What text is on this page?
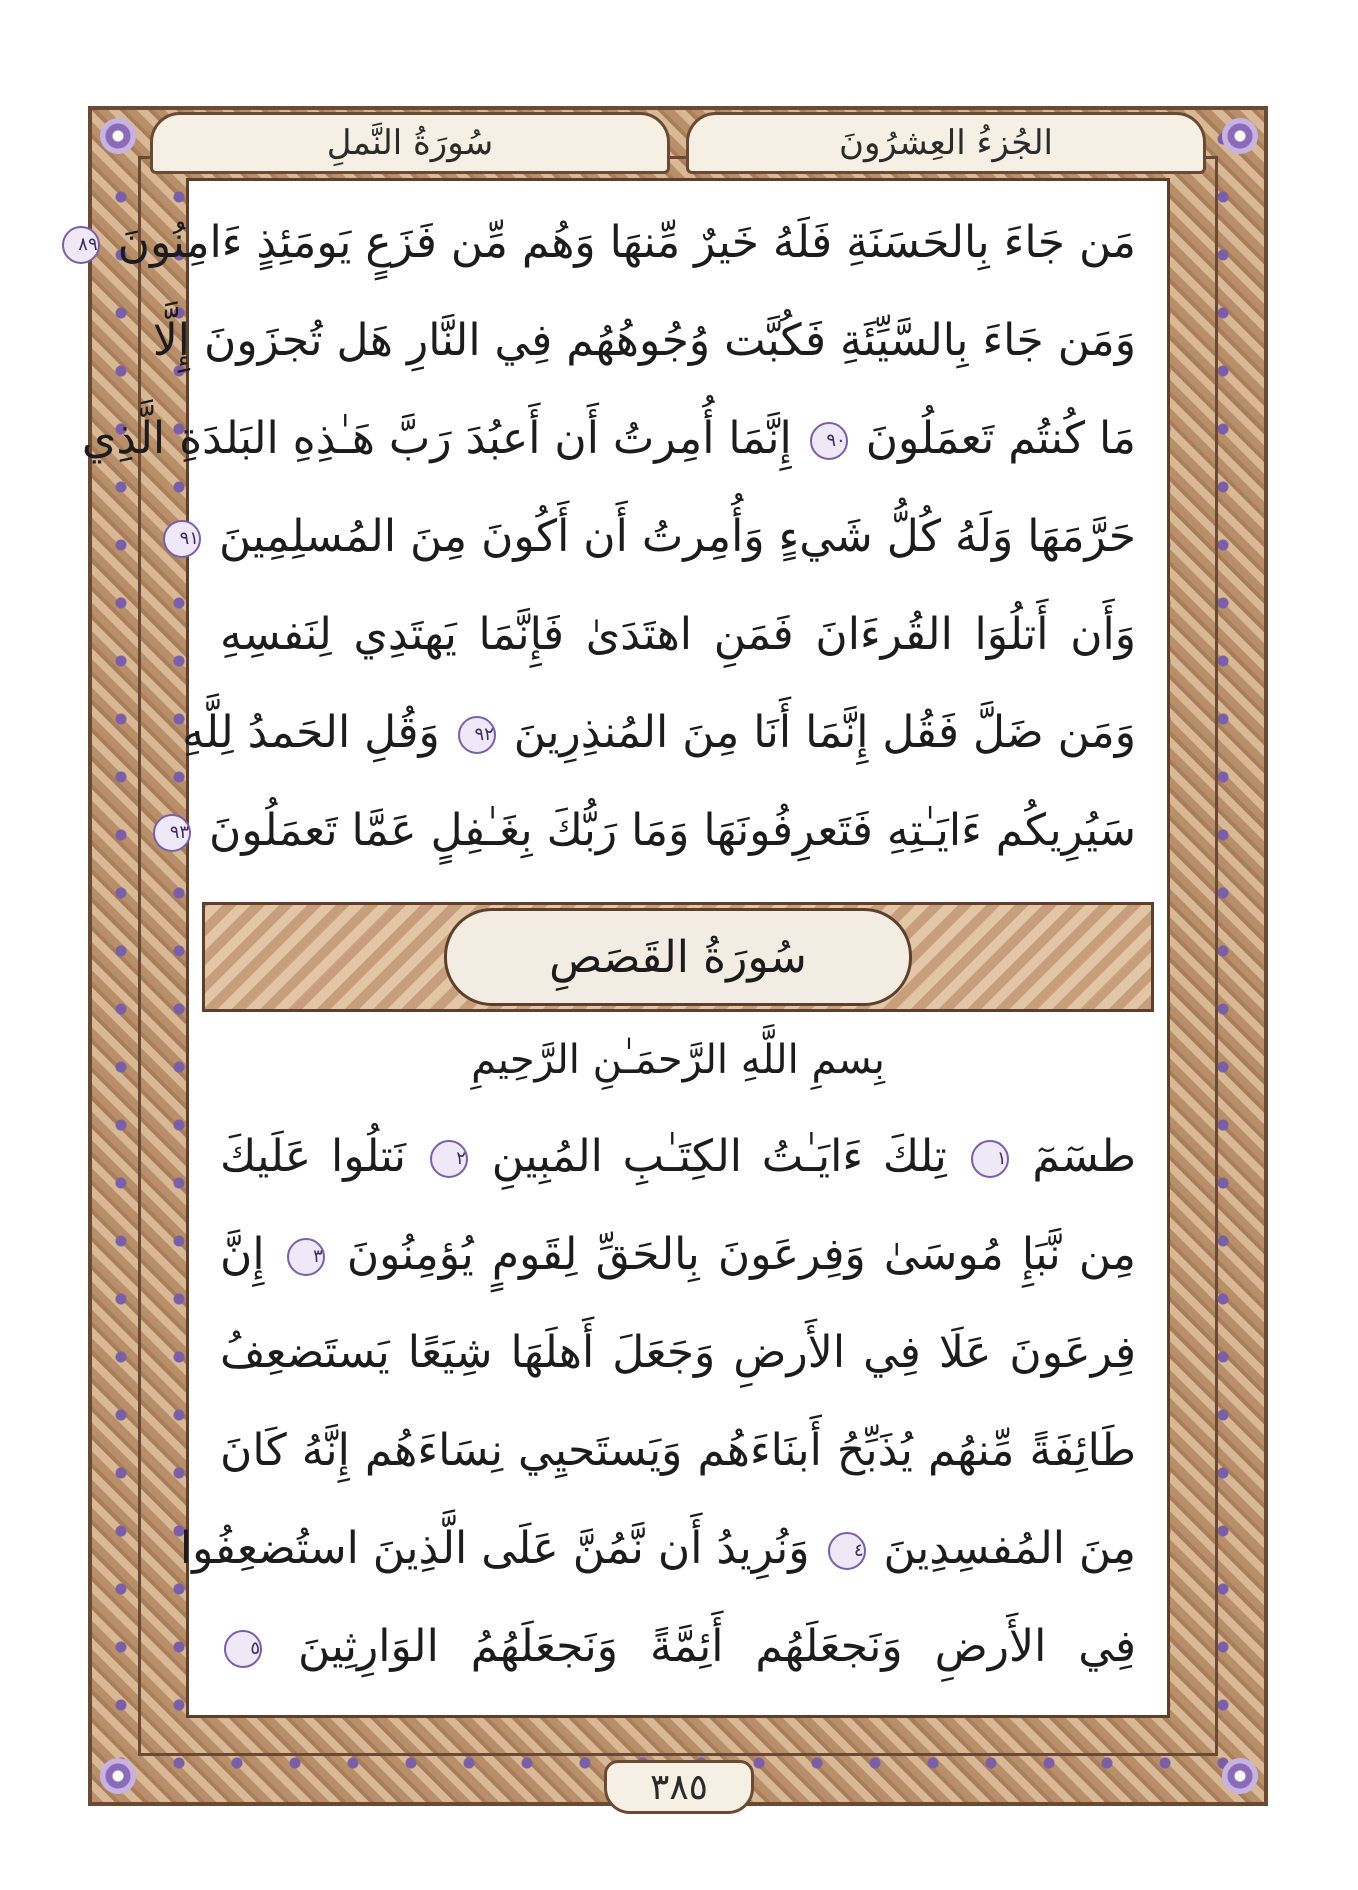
الجُزءُ العِشرُونَ
سُورَةُ النَّملِ
مَن جَاءَ بِالحَسَنَةِ فَلَهُ خَيرٌ مِّنهَا وَهُم مِّن فَزَعٍ يَومَئِذٍ ءَامِنُونَ ٨٩
وَمَن جَاءَ بِالسَّيِّئَةِ فَكُبَّت وُجُوهُهُم فِي النَّارِ هَل تُجزَونَ إِلَّا
مَا كُنتُم تَعمَلُونَ ٩٠ إِنَّمَا أُمِرتُ أَن أَعبُدَ رَبَّ هَـٰذِهِ البَلدَةِ الَّذِي
حَرَّمَهَا وَلَهُ كُلُّ شَيءٍ وَأُمِرتُ أَن أَكُونَ مِنَ المُسلِمِينَ ٩١
وَأَن أَتلُوَا القُرءَانَ فَمَنِ اهتَدَىٰ فَإِنَّمَا يَهتَدِي لِنَفسِهِ
وَمَن ضَلَّ فَقُل إِنَّمَا أَنَا مِنَ المُنذِرِينَ ٩٢ وَقُلِ الحَمدُ لِلَّهِ
سَيُرِيكُم ءَايَـٰتِهِ فَتَعرِفُونَهَا وَمَا رَبُّكَ بِغَـٰفِلٍ عَمَّا تَعمَلُونَ ٩٣
سُورَةُ القَصَصِ
بِسمِ اللَّهِ الرَّحمَـٰنِ الرَّحِيمِ
طسٓمٓ ١ تِلكَ ءَايَـٰتُ الكِتَـٰبِ المُبِينِ ٢ نَتلُوا عَلَيكَ
مِن نَّبَإِ مُوسَىٰ وَفِرعَونَ بِالحَقِّ لِقَومٍ يُؤمِنُونَ ٣ إِنَّ
فِرعَونَ عَلَا فِي الأَرضِ وَجَعَلَ أَهلَهَا شِيَعًا يَستَضعِفُ
طَائِفَةً مِّنهُم يُذَبِّحُ أَبنَاءَهُم وَيَستَحيِي نِسَاءَهُم إِنَّهُ كَانَ
مِنَ المُفسِدِينَ ٤ وَنُرِيدُ أَن نَّمُنَّ عَلَى الَّذِينَ استُضعِفُوا
فِي الأَرضِ وَنَجعَلَهُم أَئِمَّةً وَنَجعَلَهُمُ الوَارِثِينَ ٥
٣٨٥
